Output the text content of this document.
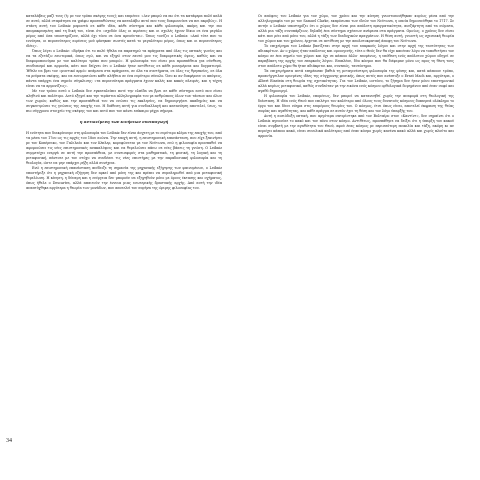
καταλάβεις μαζί τους (ή: με τον τρόπο σκέψης τους); και επιμένει: «Δεν μπορώ να πω ότι τα κατάφερα πολύ καλά σε αυτό, αλλά σταμάτησα να γράφω προσπαθώντας να καταλάβω αυτό που τους διαφωνούσε να πει ακριβώς». Η στάση αυτή του Leibniz μπροστά σε κάθε ιδέα, κάθε σύστημα και κάθε φιλοσοφία, ακόμη και την πιο απομακρυσμένη από τη δική του, είναι ότι «σχεδόν όλες οι αιρέσεις και οι σχολές έχουν δίκιο σε ένα μεγάλο μέρος από όσα υποστηρίζουν, αλλά όχι τόσο σε όσα αρνούνται». Όπως τονίζει ο Leibniz: «Από τότε που το εννόησα, οι περισσότερες αιρέσεις μού φάνηκαν σωστές κατά το μεγαλύτερο μέρος, όπως και οι περισσότερες ιδέες».

Όπως λέγει ο Leibniz: «Βρήκα ότι το πολύ ήθελα να παρατηρώ τα πράγματα από όλες τις οπτικές γωνίες και να τα εξετάζω εσωτερικά, όπως εγώ, και να εξηγώ στον εαυτό μου τις διαφορετικές όψεις, καθώς και να διαφοροποιούμαι με τον καλύτερο τρόπο που μπορώ». Η φιλοσοφία του είναι μια προσπάθεια για σύνθεση, συνδυασμό και αρμονία, κάτι που δείχνει ότι ο Leibniz ήταν αντίθετος σε κάθε μονομέρεια και δογματισμό. Ήθελε να βρει τον «μυστικό αρμό» ανάμεσα στα πράγματα, σε όλα τα συστήματα, σε όλες τις θρησκείες, σε όλα τα ρεύματα σκέψης, και να ενσωματώσει κάθε αλήθεια σε ένα ευρύτερο σύνολο. Όσο κι αν διαφέρουν οι απόψεις, πάντα υπάρχει ένα σημείο σύγκλισης: «τα περισσότερα πράγματα έχουν καλές και κακές πλευρές, και η τέχνη είναι να τα αρμονίζεις».

Με τον τρόπο αυτό ο Leibniz δεν εγκαταλείπει ποτέ την ελπίδα να βρει σε κάθε σύστημα αυτό που είναι αληθινό και πολύτιμο. Αυτό εξηγεί και την τεράστια αλληλογραφία του με ανθρώπους όλων των τάσεων και όλων των χωρών, καθώς και την προσπάθειά του να ενώσει τις εκκλησίες, να δημιουργήσει ακαδημίες και να συγκεντρώσει τις γνώσεις της εποχής του. Η διάθεση αυτή για συνδιαλλαγή και κατανόηση αποτελεί, ίσως, το πιο σύγχρονο στοιχείο της σκέψης του και αυτό που τον κάνει επίκαιρο μέχρι σήμερα.

η αντικείμενη των κινήσεων συνεπαγωγή

Η ενότητα που διακρίνουμε στη φιλοσοφία του Leibniz δεν είναι άσχετη με το ευρύτερο κλίμα της εποχής του, από τα μέσα του 17ου ως τις αρχές του 18ου αιώνα. Την εποχή αυτή, η επιστημονική επανάσταση, που είχε ξεκινήσει με τον Κοπέρνικο, τον Γαλιλαίο και τον Κέπλερ, κορυφώνεται με τον Νεύτωνα, ενώ η φιλοσοφία προσπαθεί να αφομοιώσει τις νέες επιστημονικές ανακαλύψεις και να θεμελιώσει πάνω σε νέες βάσεις τη γνώση. Ο Leibniz συμμετέχει ενεργά σε αυτή την προσπάθεια, με συνεισφορές στα μαθηματικά, τη φυσική, τη λογική και τη μεταφυσική, πάντοτε με τον στόχο να συνδέσει τις νέες επιστήμες με την παραδοσιακή φιλοσοφία και τη θεολογία, ώστε να μην υπάρχει ρήξη αλλά συνέχεια.

Ενώ η επιστημονική επανάσταση ανέδειξε τη σημασία της μηχανικής εξήγησης των φαινομένων, ο Leibniz υποστήριξε ότι η μηχανική εξήγηση δεν αρκεί από μόνη της και πρέπει να συμπληρωθεί από μια μεταφυσική θεμελίωση. Η κίνηση, η δύναμη και η ενέργεια δεν μπορούν να εξηγηθούν μόνο με όρους έκτασης και σχήματος, όπως ήθελε ο Descartes, αλλά απαιτούν την έννοια μιας εσωτερικής δραστικής αρχής. Από αυτή την ιδέα αναπτύχθηκε αργότερα η θεωρία των μονάδων, που αποτελεί τον πυρήνα της ώριμης φιλοσοφίας του.

Οι απόψεις του Leibniz για τον χώρο, τον χρόνο και την κίνηση γνωστοποιήθηκαν κυρίως μέσα από την αλληλογραφία του με τον Samuel Clarke, εκπρόσωπο των ιδεών του Νεύτωνα, η οποία δημοσιεύθηκε το 1717. Σε αυτήν ο Leibniz υποστηρίζει ότι ο χώρος δεν είναι μια απόλυτη πραγματικότητα, ανεξάρτητη από τα σώματα, αλλά μια τάξη συνυπάρξεων, δηλαδή ένα σύστημα σχέσεων ανάμεσα στα πράγματα. Ομοίως, ο χρόνος δεν είναι κάτι που ρέει από μόνο του, αλλά η τάξη των διαδοχικών πραγμάτων. Η θέση αυτή, γνωστή ως σχεσιακή θεωρία του χώρου και του χρόνου, έρχεται σε αντίθεση με την απολυτοκρατική άποψη του Νεύτωνα.

Το επιχείρημα του Leibniz βασίζεται στην αρχή του επαρκούς λόγου και στην αρχή της ταυτότητας των αδιακρίτων. Αν ο χώρος ήταν απόλυτος και ομοιογενής, τότε ο Θεός δεν θα είχε κανέναν λόγο να τοποθετήσει τον κόσμο σε ένα σημείο του χώρου και όχι σε κάποιο άλλο· επομένως, η υπόθεση ενός απόλυτου χώρου οδηγεί σε παραβίαση της αρχής του επαρκούς λόγου. Επιπλέον, δύο κόσμοι που θα διέφεραν μόνο ως προς τη θέση τους στον απόλυτο χώρο θα ήταν αδιάκριτοι και, συνεπώς, ταυτόσημοι.

Τα επιχειρήματα αυτά επηρέασαν βαθιά τη μεταγενέστερη φιλοσοφία της φύσης και, κατά κάποιον τρόπο, προανήγγειλαν ορισμένες ιδέες της σύγχρονης φυσικής, όπως αυτές που ανέπτυξε ο Ernst Mach και, αργότερα, ο Albert Einstein στη θεωρία της σχετικότητας. Για τον Leibniz, ωστόσο, το ζήτημα δεν ήταν μόνο επιστημονικό αλλά κυρίως μεταφυσικό, καθώς συνδεόταν με την εικόνα ενός κόσμου ορθολογικά δομημένου από έναν σοφό και αγαθό δημιουργό.

Η φιλοσοφία του Leibniz, επομένως, δεν μπορεί να κατανοηθεί χωρίς την αναφορά στη θεολογική της διάσταση. Η ιδέα ενός Θεού που επιλέγει τον καλύτερο από όλους τους δυνατούς κόσμους διαπερνά ολόκληρο το έργο του και δίνει νόημα στις επιμέρους θεωρίες του. Ο κόσμος, έτσι όπως είναι, αποτελεί έκφραση της θείας σοφίας και αγαθότητας, και κάθε πράγμα σε αυτόν έχει τη θέση και τον λόγο ύπαρξής του.

Αυτή η αισιόδοξη οπτική, που αργότερα σατιρίστηκε από τον Βολταίρο στον «Καντίντ», δεν σημαίνει ότι ο Leibniz αγνοούσε το κακό και τον πόνο στον κόσμο. Αντιθέτως, προσπάθησε να δείξει ότι η ύπαρξη του κακού είναι συμβατή με την αγαθότητα του Θεού, αφού ένας κόσμος με περισσότερη ποικιλία και τάξη, ακόμη κι αν περιέχει κάποιο κακό, είναι συνολικά καλύτερος από έναν κόσμο χωρίς κανένα κακό αλλά και χωρίς πλούτο και αρμονία.

34
